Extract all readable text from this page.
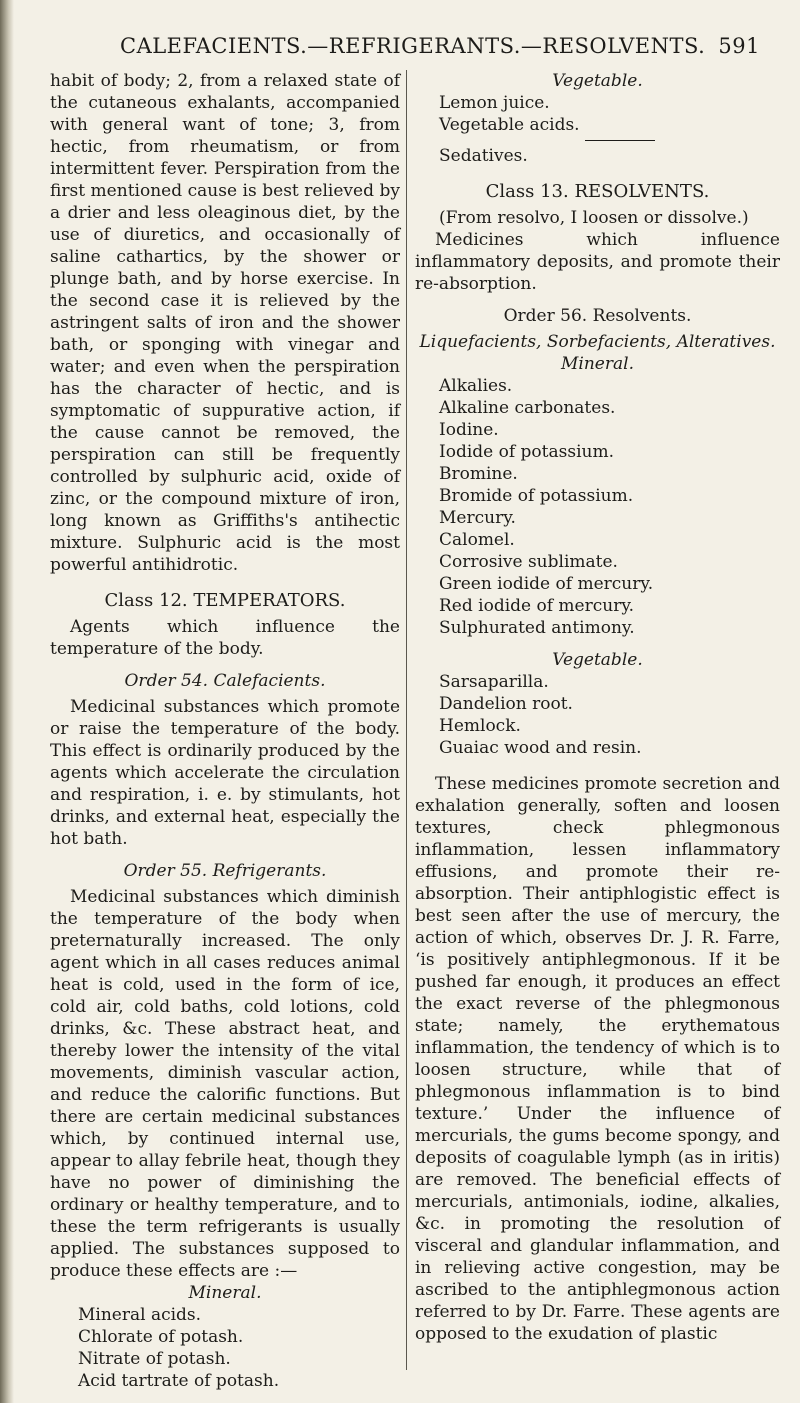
CALEFACIENTS.—REFRIGERANTS.—RESOLVENTS. 591

habit of body; 2, from a relaxed state of the cutaneous exhalants, accompanied with general want of tone; 3, from hectic, from rheumatism, or from intermittent fever. Perspiration from the first mentioned cause is best relieved by a drier and less oleaginous diet, by the use of diuretics, and occasionally of saline cathartics, by the shower or plunge bath, and by horse exercise. In the second case it is relieved by the astringent salts of iron and the shower bath, or sponging with vinegar and water; and even when the perspiration has the character of hectic, and is symptomatic of suppurative action, if the cause cannot be removed, the perspiration can still be frequently controlled by sulphuric acid, oxide of zinc, or the compound mixture of iron, long known as Griffiths's antihectic mixture. Sulphuric acid is the most powerful antihidrotic.

Class 12. TEMPERATORS.

Agents which influence the temperature of the body.

Order 54. Calefacients.

Medicinal substances which promote or raise the temperature of the body. This effect is ordinarily produced by the agents which accelerate the circulation and respiration, i. e. by stimulants, hot drinks, and external heat, especially the hot bath.

Order 55. Refrigerants.

Medicinal substances which diminish the temperature of the body when preternaturally increased. The only agent which in all cases reduces animal heat is cold, used in the form of ice, cold air, cold baths, cold lotions, cold drinks, &c. These abstract heat, and thereby lower the intensity of the vital movements, diminish vascular action, and reduce the calorific functions. But there are certain medicinal substances which, by continued internal use, appear to allay febrile heat, though they have no power of diminishing the ordinary or healthy temperature, and to these the term refrigerants is usually applied. The substances supposed to produce these effects are :—

Mineral.
Mineral acids.
Chlorate of potash.
Nitrate of potash.
Acid tartrate of potash.
Vegetable.
Lemon juice.
Vegetable acids.
Sedatives.
Class 13. RESOLVENTS.
(From resolvo, I loosen or dissolve.)

Medicines which influence inflammatory deposits, and promote their re-absorption.

Order 56. Resolvents.
Liquefacients, Sorbefacients, Alteratives.
Mineral.
Alkalies.
Alkaline carbonates.
Iodine.
Iodide of potassium.
Bromine.
Bromide of potassium.
Mercury.
Calomel.
Corrosive sublimate.
Green iodide of mercury.
Red iodide of mercury.
Sulphurated antimony.
Vegetable.
Sarsaparilla.
Dandelion root.
Hemlock.
Guaiac wood and resin.

These medicines promote secretion and exhalation generally, soften and loosen textures, check phlegmonous inflammation, lessen inflammatory effusions, and promote their re-absorption. Their antiphlogistic effect is best seen after the use of mercury, the action of which, observes Dr. J. R. Farre, ‘is positively antiphlegmonous. If it be pushed far enough, it produces an effect the exact reverse of the phlegmonous state; namely, the erythematous inflammation, the tendency of which is to loosen structure, while that of phlegmonous inflammation is to bind texture.’ Under the influence of mercurials, the gums become spongy, and deposits of coagulable lymph (as in iritis) are removed. The beneficial effects of mercurials, antimonials, iodine, alkalies, &c. in promoting the resolution of visceral and glandular inflammation, and in relieving active congestion, may be ascribed to the antiphlegmonous action referred to by Dr. Farre. These agents are opposed to the exudation of plastic
